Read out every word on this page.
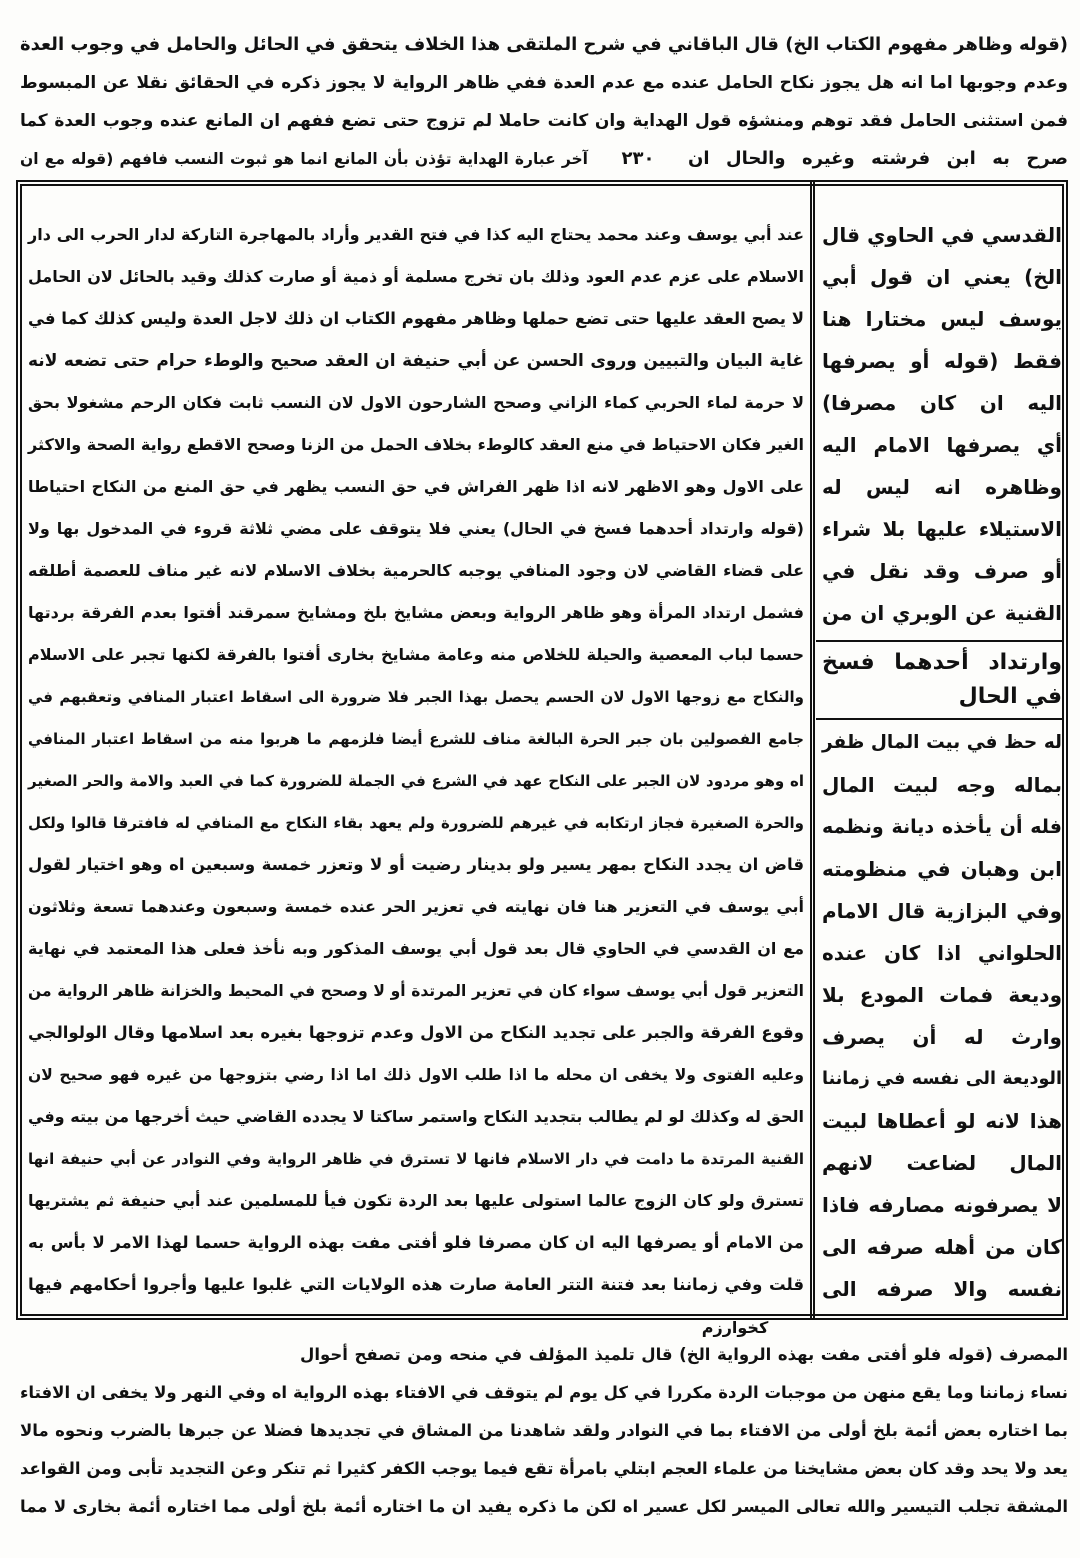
(قوله وظاهر مفهوم الكتاب الخ) قال الباقاني في شرح الملتقى هذا الخلاف يتحقق في الحائل والحامل في وجوب العدة
وعدم وجوبها اما انه هل يجوز نكاح الحامل عنده مع عدم العدة ففي ظاهر الرواية لا يجوز ذكره في الحقائق نقلا عن المبسوط
فمن استثنى الحامل فقد توهم ومنشؤه قول الهداية وان كانت حاملا لم تزوج حتى تضع ففهم ان المانع عنده وجوب العدة كما
صرح به ابن فرشته وغيره والحال ان
٢٣٠
آخر عبارة الهداية تؤذن بأن المانع انما هو ثبوت النسب فافهم (قوله مع ان
عند أبي يوسف وعند محمد يحتاج اليه كذا في فتح القدير وأراد بالمهاجرة التاركة لدار الحرب الى دار
الاسلام على عزم عدم العود وذلك بان تخرج مسلمة أو ذمية أو صارت كذلك وقيد بالحائل لان الحامل
لا يصح العقد عليها حتى تضع حملها وظاهر مفهوم الكتاب ان ذلك لاجل العدة وليس كذلك كما في
غاية البيان والتبيين وروى الحسن عن أبي حنيفة ان العقد صحيح والوطء حرام حتى تضعه لانه
لا حرمة لماء الحربي كماء الزاني وصحح الشارحون الاول لان النسب ثابت فكان الرحم مشغولا بحق
الغير فكان الاحتياط في منع العقد كالوطء بخلاف الحمل من الزنا وصحح الاقطع رواية الصحة والاكثر
على الاول وهو الاظهر لانه اذا ظهر الفراش في حق النسب يظهر في حق المنع من النكاح احتياطا
(قوله وارتداد أحدهما فسخ في الحال) يعني فلا يتوقف على مضي ثلاثة قروء في المدخول بها ولا
على قضاء القاضي لان وجود المنافي يوجبه كالحرمية بخلاف الاسلام لانه غير مناف للعصمة أطلقه
فشمل ارتداد المرأة وهو ظاهر الرواية وبعض مشايخ بلخ ومشايخ سمرقند أفتوا بعدم الفرقة بردتها
حسما لباب المعصية والحيلة للخلاص منه وعامة مشايخ بخارى أفتوا بالفرقة لكنها تجبر على الاسلام
والنكاح مع زوجها الاول لان الحسم يحصل بهذا الجبر فلا ضرورة الى اسقاط اعتبار المنافي وتعقبهم في
جامع الفصولين بان جبر الحرة البالغة مناف للشرع أيضا فلزمهم ما هربوا منه من اسقاط اعتبار المنافي
اه وهو مردود لان الجبر على النكاح عهد في الشرع في الجملة للضرورة كما في العبد والامة والحر الصغير
والحرة الصغيرة فجاز ارتكابه في غيرهم للضرورة ولم يعهد بقاء النكاح مع المنافي له فافترقا قالوا ولكل
قاض ان يجدد النكاح بمهر يسير ولو بدينار رضيت أو لا وتعزر خمسة وسبعين اه وهو اختيار لقول
أبي يوسف في التعزير هنا فان نهايته في تعزير الحر عنده خمسة وسبعون وعندهما تسعة وثلاثون
مع ان القدسي في الحاوي قال بعد قول أبي يوسف المذكور وبه نأخذ فعلى هذا المعتمد في نهاية
التعزير قول أبي يوسف سواء كان في تعزير المرتدة أو لا وصحح في المحيط والخزانة ظاهر الرواية من
وقوع الفرقة والجبر على تجديد النكاح من الاول وعدم تزوجها بغيره بعد اسلامها وقال الولوالجي
وعليه الفتوى ولا يخفى ان محله ما اذا طلب الاول ذلك اما اذا رضي بتزوجها من غيره فهو صحيح لان
الحق له وكذلك لو لم يطالب بتجديد النكاح واستمر ساكتا لا يجدده القاضي حيث أخرجها من بيته وفي
القنية المرتدة ما دامت في دار الاسلام فانها لا تسترق في ظاهر الرواية وفي النوادر عن أبي حنيفة انها
تسترق ولو كان الزوج عالما استولى عليها بعد الردة تكون فيأ للمسلمين عند أبي حنيفة ثم يشتريها
من الامام أو يصرفها اليه ان كان مصرفا فلو أفتى مفت بهذه الرواية حسما لهذا الامر لا بأس به
قلت وفي زماننا بعد فتنة التتر العامة صارت هذه الولايات التي غلبوا عليها وأجروا أحكامهم فيها
القدسي في الحاوي قال
الخ) يعني ان قول أبي
يوسف ليس مختارا هنا
فقط (قوله أو يصرفها
اليه ان كان مصرفا)
أي يصرفها الامام اليه
وظاهره انه ليس له
الاستيلاء عليها بلا شراء
أو صرف وقد نقل في
القنية عن الوبري ان من
وارتداد أحدهما فسخ
في الحال
له حظ في بيت المال ظفر
بماله وجه لبيت المال
فله أن يأخذه ديانة ونظمه
ابن وهبان في منظومته
وفي البزازية قال الامام
الحلواني اذا كان عنده
وديعة فمات المودع بلا
وارث له أن يصرف
الوديعة الى نفسه في زماننا
هذا لانه لو أعطاها لبيت
المال لضاعت لانهم
لا يصرفونه مصارفه فاذا
كان من أهله صرفه الى
نفسه والا صرفه الى
كخوارزم
المصرف (قوله فلو أفتى مفت بهذه الرواية الخ) قال تلميذ المؤلف في منحه ومن تصفح أحوال
نساء زماننا وما يقع منهن من موجبات الردة مكررا في كل يوم لم يتوقف في الافتاء بهذه الرواية اه وفي النهر ولا يخفى ان الافتاء
بما اختاره بعض أئمة بلخ أولى من الافتاء بما في النوادر ولقد شاهدنا من المشاق في تجديدها فضلا عن جبرها بالضرب ونحوه مالا
يعد ولا يحد وقد كان بعض مشايخنا من علماء العجم ابتلي بامرأة تقع فيما يوجب الكفر كثيرا ثم تنكر وعن التجديد تأبى ومن القواعد
المشقة تجلب التيسير والله تعالى الميسر لكل عسير اه لكن ما ذكره يفيد ان ما اختاره أئمة بلخ أولى مما اختاره أئمة بخارى لا مما
